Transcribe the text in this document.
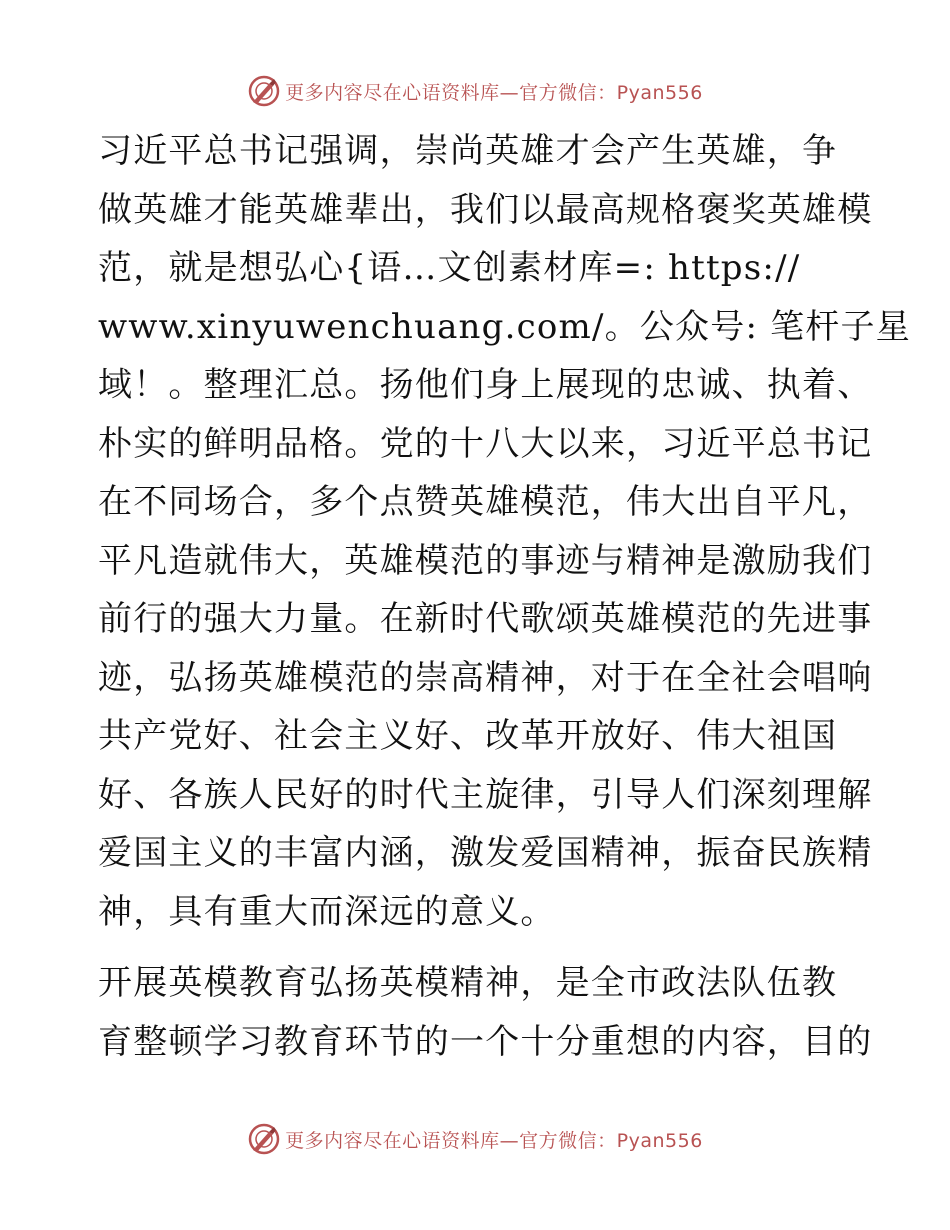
更多内容尽在心语资料库—官方微信：Pyan556

习近平总书记强调，崇尚英雄才会产生英雄，争
做英雄才能英雄辈出，我们以最高规格褒奖英雄模
范，就是想弘心{语…文创素材库=: https://
www.xinyuwenchuang.com/。公众号: 笔杆子星
域！。整理汇总。扬他们身上展现的忠诚、执着、
朴实的鲜明品格。党的十八大以来，习近平总书记
在不同场合，多个点赞英雄模范，伟大出自平凡，
平凡造就伟大，英雄模范的事迹与精神是激励我们
前行的强大力量。在新时代歌颂英雄模范的先进事
迹，弘扬英雄模范的崇高精神，对于在全社会唱响
共产党好、社会主义好、改革开放好、伟大祖国
好、各族人民好的时代主旋律，引导人们深刻理解
爱国主义的丰富内涵，激发爱国精神，振奋民族精
神，具有重大而深远的意义。

开展英模教育弘扬英模精神，是全市政法队伍教
育整顿学习教育环节的一个十分重想的内容，目的

更多内容尽在心语资料库—官方微信：Pyan556
